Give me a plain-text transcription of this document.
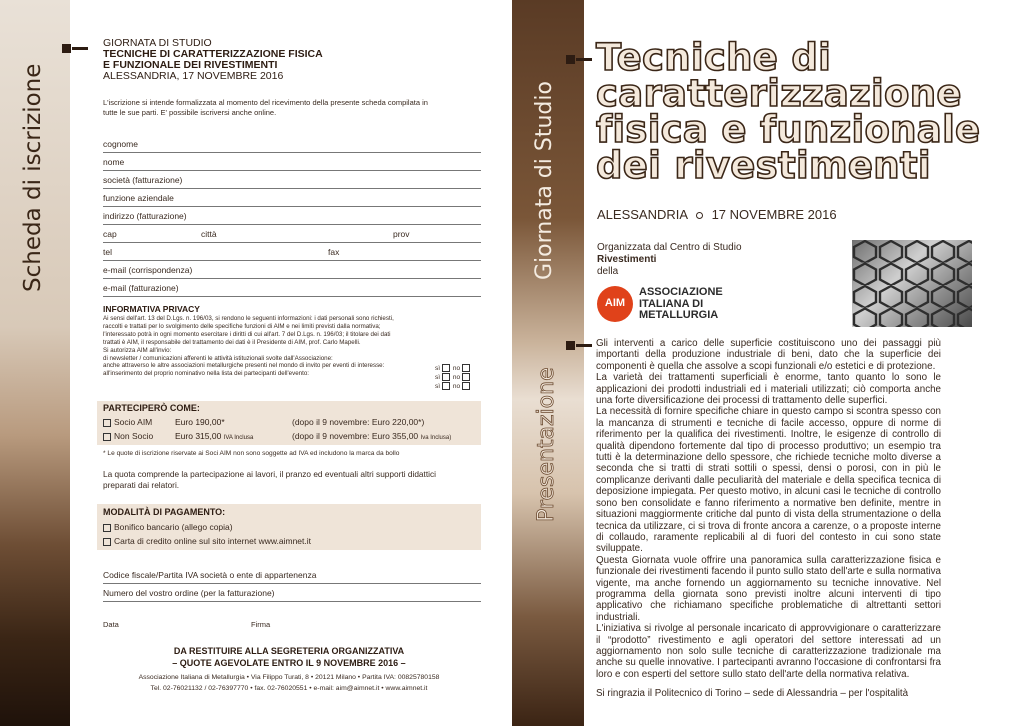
Scheda di iscrizione
GIORNATA DI STUDIO
TECNICHE DI CARATTERIZZAZIONE FISICA
E FUNZIONALE DEI RIVESTIMENTI
ALESSANDRIA, 17 NOVEMBRE 2016
L'iscrizione si intende formalizzata al momento del ricevimento della presente scheda compilata in
tutte le sue parti. E' possibile iscriversi anche online.
cognome
nome
società (fatturazione)
funzione aziendale
indirizzo (fatturazione)
cap	città	prov
tel	fax
e-mail (corrispondenza)
e-mail (fatturazione)
INFORMATIVA PRIVACY
Ai sensi dell'art. 13 del D.Lgs. n. 196/03, si rendono le seguenti informazioni: i dati personali sono richiesti,
raccolti e trattati per lo svolgimento delle specifiche funzioni di AIM e nei limiti previsti dalla normativa;
l'interessato potrà in ogni momento esercitare i diritti di cui all'art. 7 del D.Lgs. n. 196/03; il titolare dei dati
trattati è AIM, il responsabile del trattamento dei dati è il Presidente di AIM, prof. Carlo Mapelli.
Si autorizza AIM all'invio:
di newsletter / comunicazioni afferenti le attività istituzionali svolte dall'Associazione:
anche attraverso le altre associazioni metallurgiche presenti nel mondo di invito per eventi di interesse:
all'inserimento del proprio nominativo nella lista dei partecipanti dell'evento:
sì no
sì no
sì no
PARTECIPERÒ COME:
Socio AIM	Euro 190,00*	(dopo il 9 novembre: Euro 220,00*)
Non Socio	Euro 315,00 IVA Inclusa	(dopo il 9 novembre: Euro 355,00 Iva Inclusa)
* Le quote di iscrizione riservate ai Soci AIM non sono soggette ad IVA ed includono la marca da bollo
La quota comprende la partecipazione ai lavori, il pranzo ed eventuali altri supporti didattici
preparati dai relatori.
MODALITÀ DI PAGAMENTO:
Bonifico bancario (allego copia)
Carta di credito online sul sito internet www.aimnet.it
Codice fiscale/Partita IVA società o ente di appartenenza
Numero del vostro ordine (per la fatturazione)
Data	Firma
DA RESTITUIRE ALLA SEGRETERIA ORGANIZZATIVA
– QUOTE AGEVOLATE ENTRO IL 9 NOVEMBRE 2016 –
Associazione Italiana di Metallurgia • Via Filippo Turati, 8 • 20121 Milano • Partita IVA: 00825780158
Tel. 02-76021132 / 02-76397770 • fax. 02-76020551 • e-mail: aim@aimnet.it • www.aimnet.it
Giornata di Studio
Presentazione
Tecniche di
caratterizzazione
fisica e funzionale
dei rivestimenti
ALESSANDRIA 17 NOVEMBRE 2016
Organizzata dal Centro di Studio
Rivestimenti
della
AIM
ASSOCIAZIONE
ITALIANA DI
METALLURGIA

Gli interventi a carico delle superficie costituiscono uno dei passaggi più importanti della produzione industriale di beni, dato che la superficie dei componenti è quella che assolve a scopi funzionali e/o estetici e di protezione.

La varietà dei trattamenti superficiali è enorme, tanto quanto lo sono le applicazioni dei prodotti industriali ed i materiali utilizzati; ciò comporta anche una forte diversificazione dei processi di trattamento delle superfici.

La necessità di fornire specifiche chiare in questo campo si scontra spesso con la mancanza di strumenti e tecniche di facile accesso, oppure di norme di riferimento per la qualifica dei rivestimenti. Inoltre, le esigenze di controllo di qualità dipendono fortemente dal tipo di processo produttivo; un esempio tra tutti è la determinazione dello spessore, che richiede tecniche molto diverse a seconda che si tratti di strati sottili o spessi, densi o porosi, con in più le complicanze derivanti dalle peculiarità del materiale e della specifica tecnica di deposizione impiegata. Per questo motivo, in alcuni casi le tecniche di controllo sono ben consolidate e fanno riferimento a normative ben definite, mentre in situazioni maggiormente critiche dal punto di vista della strumentazione o della tecnica da utilizzare, ci si trova di fronte ancora a carenze, o a proposte interne di collaudo, raramente replicabili al di fuori del contesto in cui sono state sviluppate.

Questa Giornata vuole offrire una panoramica sulla caratterizzazione fisica e funzionale dei rivestimenti facendo il punto sullo stato dell'arte e sulla normativa vigente, ma anche fornendo un aggiornamento su tecniche innovative. Nel programma della giornata sono previsti inoltre alcuni interventi di tipo applicativo che richiamano specifiche problematiche di altrettanti settori industriali.

L'iniziativa si rivolge al personale incaricato di approvvigionare o caratterizzare il “prodotto” rivestimento e agli operatori del settore interessati ad un aggiornamento non solo sulle tecniche di caratterizzazione tradizionale ma anche su quelle innovative. I partecipanti avranno l'occasione di confrontarsi fra loro e con esperti del settore sullo stato dell'arte della normativa relativa.

Si ringrazia il Politecnico di Torino – sede di Alessandria – per l'ospitalità
